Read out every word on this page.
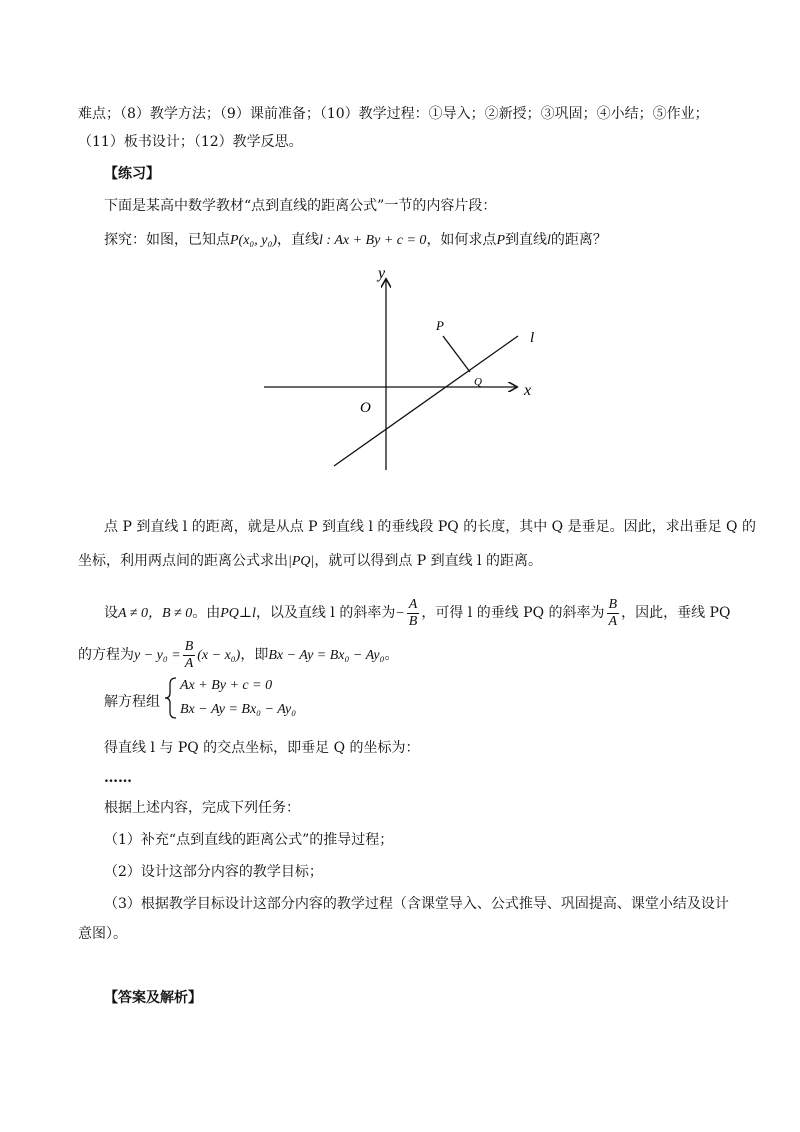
难点；（8）教学方法；（9）课前准备；（10）教学过程：①导入；②新授；③巩固；④小结；⑤作业；
（11）板书设计；（12）教学反思。
【练习】
下面是某高中数学教材“点到直线的距离公式”一节的内容片段：
探究：如图，已知点P(x₀, y₀)，直线l : Ax + By + c = 0，如何求点P到直线l的距离？
y
x
O
P
Q
l
点 P 到直线 l 的距离，就是从点 P 到直线 l 的垂线段 PQ 的长度，其中 Q 是垂足。因此，求出垂足 Q 的
坐标，利用两点间的距离公式求出|PQ|，就可以得到点 P 到直线 l 的距离。
设A ≠ 0，B ≠ 0。由PQ⊥l，以及直线 l 的斜率为− $\frac{A}{B}$ ，可得 l 的垂线 PQ 的斜率为 $\frac{B}{A}$ ，因此，垂线 PQ
的方程为$y - y_0 = \frac{B}{A} (x - x_0)$，即Bx − Ay = Bx₀ − Ay₀。
解方程组
Ax + By + c = 0
Bx − Ay = Bx₀ − Ay₀
得直线 l 与 PQ 的交点坐标，即垂足 Q 的坐标为：
……
根据上述内容，完成下列任务：
（1）补充“点到直线的距离公式”的推导过程；
（2）设计这部分内容的教学目标；
（3）根据教学目标设计这部分内容的教学过程（含课堂导入、公式推导、巩固提高、课堂小结及设计
意图）。
【答案及解析】
